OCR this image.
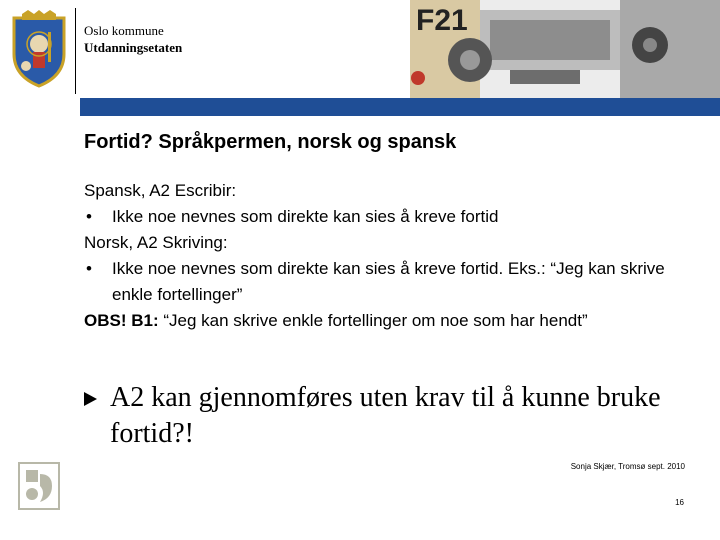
Oslo kommune
Utdanningsetaten
F21
Fortid? Språkpermen, norsk og spansk
Spansk, A2 Escribir:
• Ikke noe nevnes som direkte kan sies å kreve fortid
Norsk, A2 Skriving:
• Ikke noe nevnes som direkte kan sies å kreve fortid. Eks.: “Jeg kan skrive enkle fortellinger”
OBS! B1: “Jeg kan skrive enkle fortellinger om noe som har hendt”
A2 kan gjennomføres uten krav til å kunne bruke fortid?!
Sonja Skjær, Tromsø sept. 2010
16
